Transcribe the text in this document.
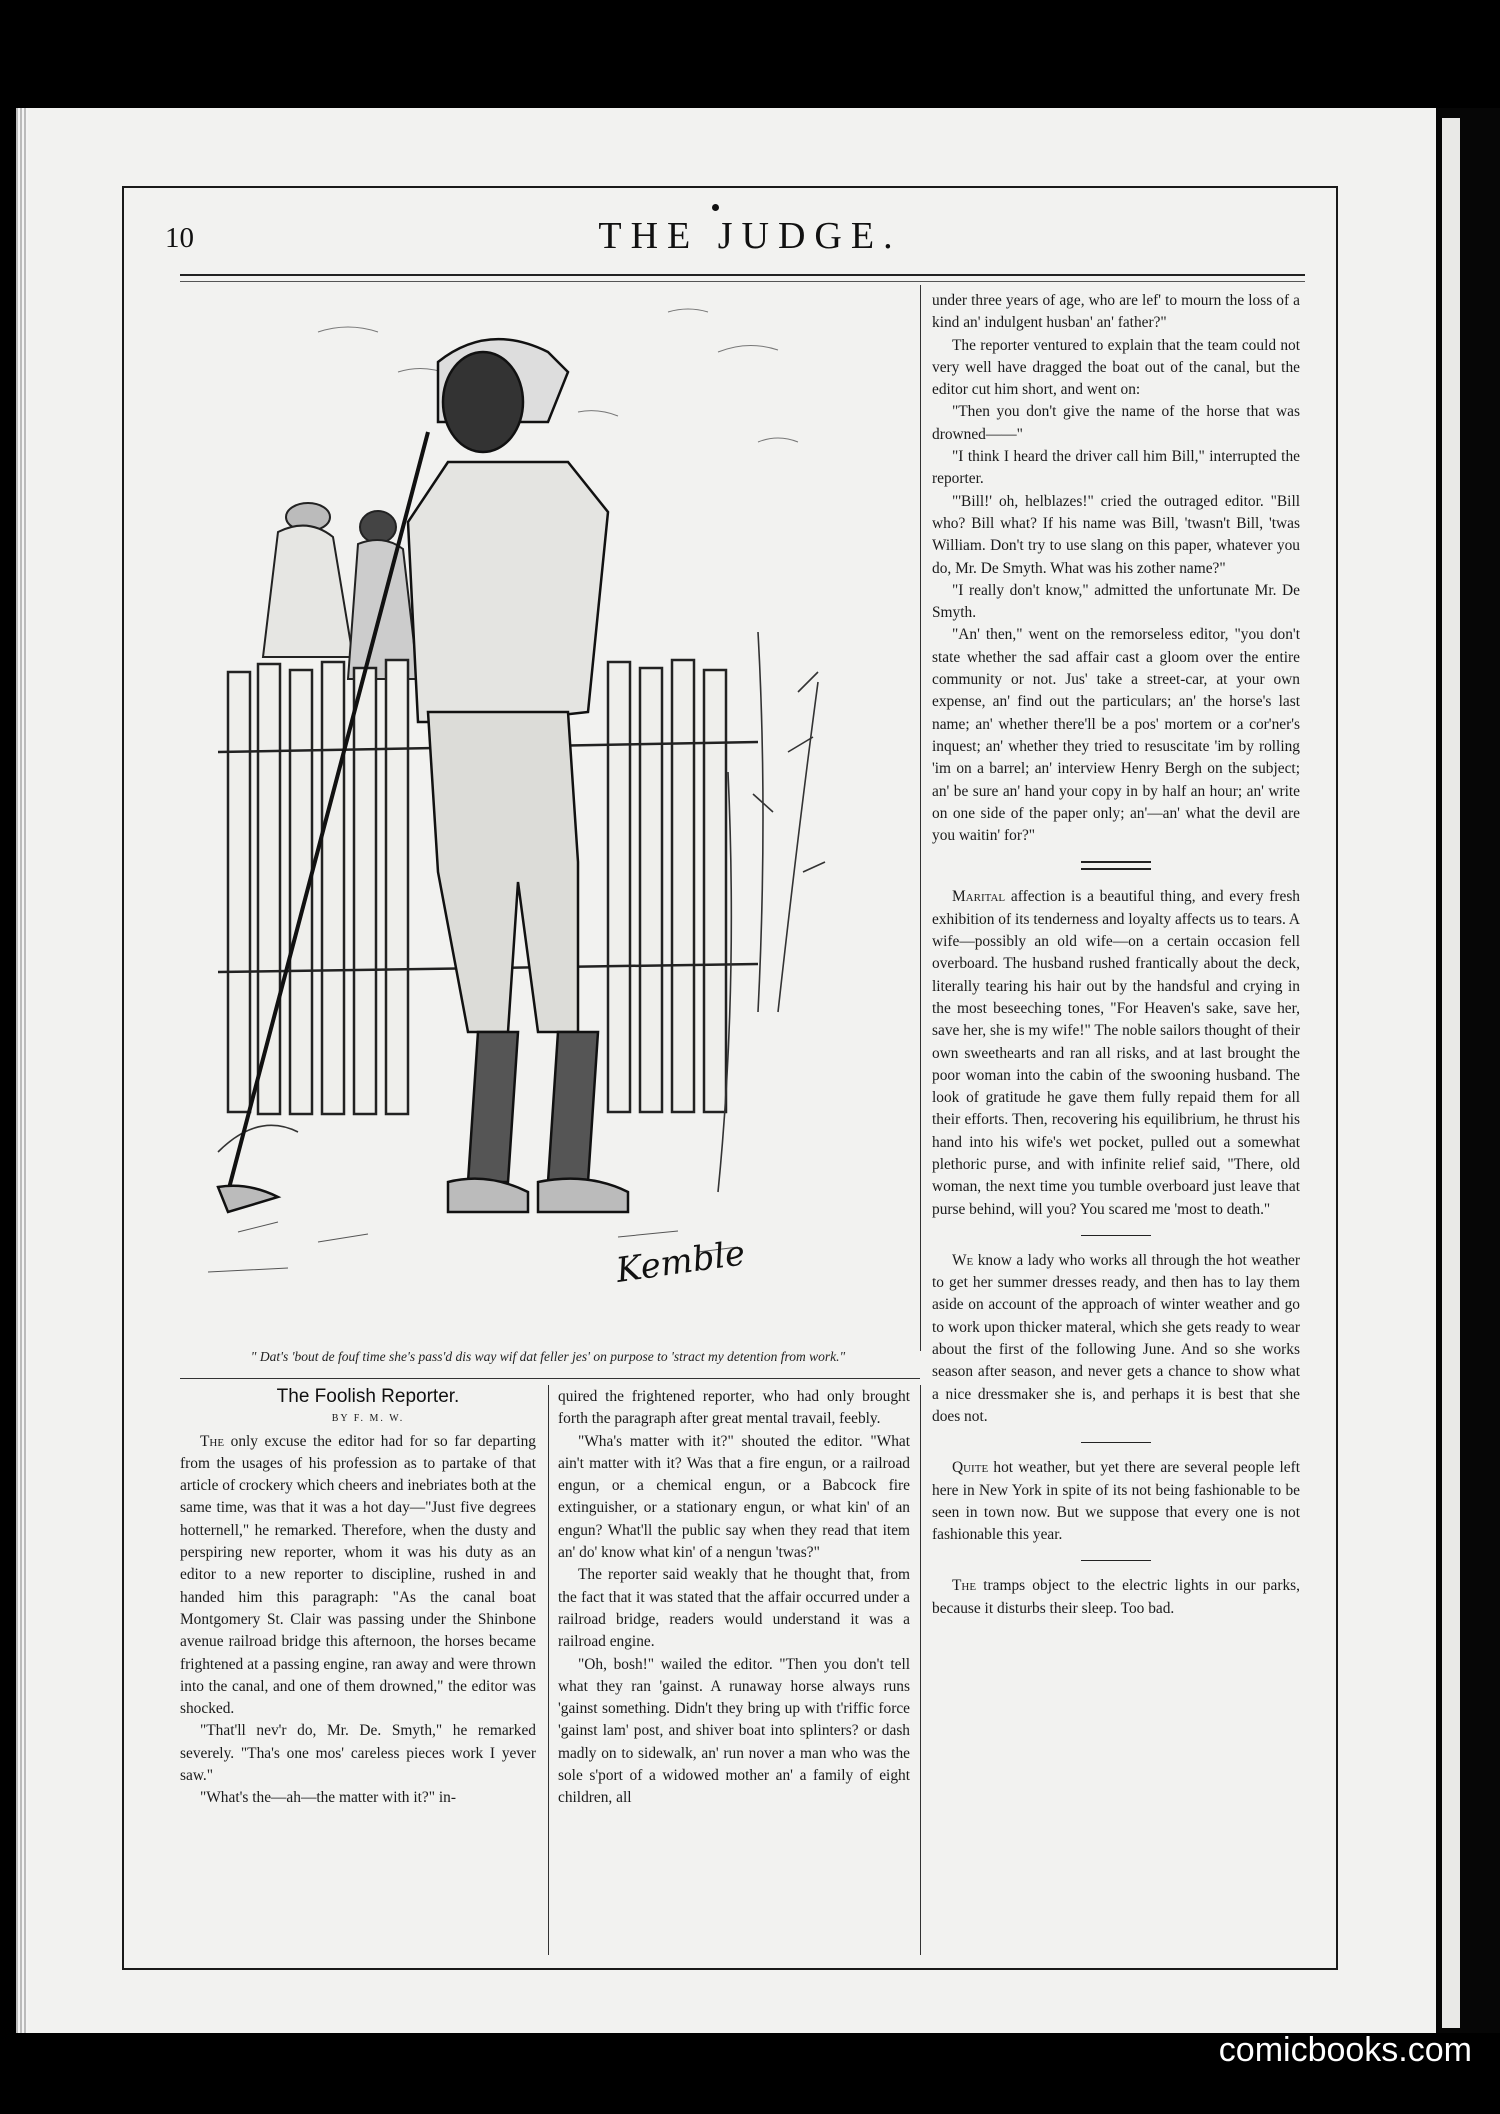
10	THE JUDGE.
Kemble
" Dat's 'bout de fouf time she's pass'd dis way wif dat feller jes' on purpose to 'stract my detention from work."

The Foolish Reporter.

BY F. M. W.

The only excuse the editor had for so far departing from the usages of his profession as to partake of that article of crockery which cheers and inebriates both at the same time, was that it was a hot day—"Just five degrees hotternell," he remarked. Therefore, when the dusty and perspiring new reporter, whom it was his duty as an editor to a new reporter to discipline, rushed in and handed him this paragraph: "As the canal boat Montgomery St. Clair was passing under the Shinbone avenue railroad bridge this afternoon, the horses became frightened at a passing engine, ran away and were thrown into the canal, and one of them drowned," the editor was shocked.

"That'll nev'r do, Mr. De. Smyth," he remarked severely. "Tha's one mos' careless pieces work I yever saw."

"What's the—ah—the matter with it?" in-

quired the frightened reporter, who had only brought forth the paragraph after great mental travail, feebly.

"Wha's matter with it?" shouted the editor. "What ain't matter with it? Was that a fire engun, or a railroad engun, or a chemical engun, or a Babcock fire extinguisher, or a stationary engun, or what kin' of an engun? What'll the public say when they read that item an' do' know what kin' of a nengun 'twas?"

The reporter said weakly that he thought that, from the fact that it was stated that the affair occurred under a railroad bridge, readers would understand it was a railroad engine.

"Oh, bosh!" wailed the editor. "Then you don't tell what they ran 'gainst. A runaway horse always runs 'gainst something. Didn't they bring up with t'riffic force 'gainst lam' post, and shiver boat into splinters? or dash madly on to sidewalk, an' run nover a man who was the sole s'port of a widowed mother an' a family of eight children, all

under three years of age, who are lef' to mourn the loss of a kind an' indulgent husban' an' father?"

The reporter ventured to explain that the team could not very well have dragged the boat out of the canal, but the editor cut him short, and went on:

"Then you don't give the name of the horse that was drowned——"

"I think I heard the driver call him Bill," interrupted the reporter.

"'Bill!' oh, helblazes!" cried the outraged editor. "Bill who? Bill what? If his name was Bill, 'twasn't Bill, 'twas William. Don't try to use slang on this paper, whatever you do, Mr. De Smyth. What was his zother name?"

"I really don't know," admitted the unfortunate Mr. De Smyth.

"An' then," went on the remorseless editor, "you don't state whether the sad affair cast a gloom over the entire community or not. Jus' take a street-car, at your own expense, an' find out the particulars; an' the horse's last name; an' whether there'll be a pos' mortem or a cor'ner's inquest; an' whether they tried to resuscitate 'im by rolling 'im on a barrel; an' interview Henry Bergh on the subject; an' be sure an' hand your copy in by half an hour; an' write on one side of the paper only; an'—an' what the devil are you waitin' for?"

Marital affection is a beautiful thing, and every fresh exhibition of its tenderness and loyalty affects us to tears. A wife—possibly an old wife—on a certain occasion fell overboard. The husband rushed frantically about the deck, literally tearing his hair out by the handsful and crying in the most beseeching tones, "For Heaven's sake, save her, save her, she is my wife!" The noble sailors thought of their own sweethearts and ran all risks, and at last brought the poor woman into the cabin of the swooning husband. The look of gratitude he gave them fully repaid them for all their efforts. Then, recovering his equilibrium, he thrust his hand into his wife's wet pocket, pulled out a somewhat plethoric purse, and with infinite relief said, "There, old woman, the next time you tumble overboard just leave that purse behind, will you? You scared me 'most to death."

We know a lady who works all through the hot weather to get her summer dresses ready, and then has to lay them aside on account of the approach of winter weather and go to work upon thicker materal, which she gets ready to wear about the first of the following June. And so she works season after season, and never gets a chance to show what a nice dressmaker she is, and perhaps it is best that she does not.

Quite hot weather, but yet there are several people left here in New York in spite of its not being fashionable to be seen in town now. But we suppose that every one is not fashionable this year.

The tramps object to the electric lights in our parks, because it disturbs their sleep. Too bad.

comicbooks.com
